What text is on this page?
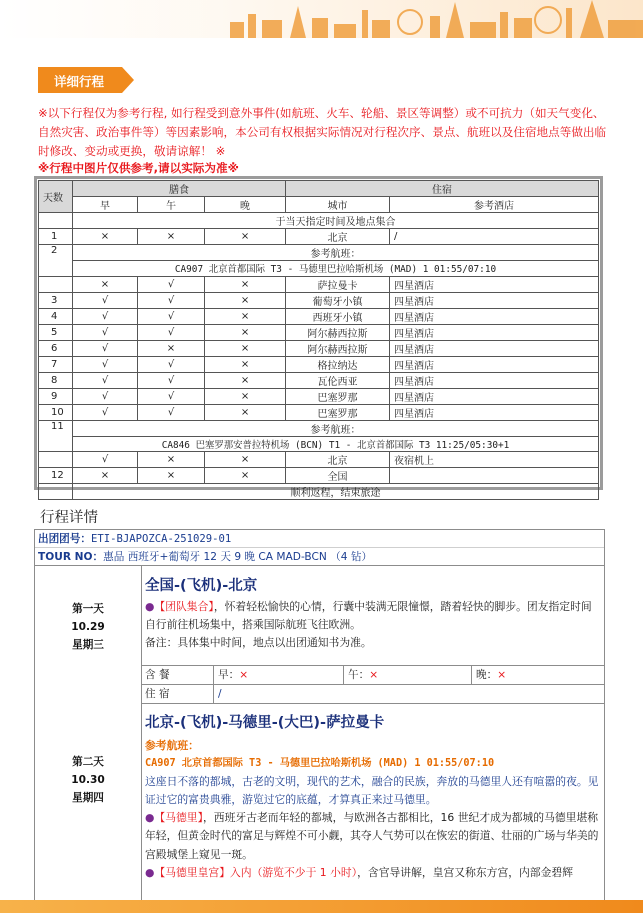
详细行程
※以下行程仅为参考行程, 如行程受到意外事件(如航班、火车、轮船、景区等调整）或不可抗力（如天气变化、自然灾害、政治事件等）等因素影响，本公司有权根据实际情况对行程次序、景点、航班以及住宿地点等做出临时修改、变动或更换，敬请谅解！ ※
※行程中图片仅供参考,请以实际为准※
天数	膳食			住宿	
	早	午	晚	城市	参考酒店
	于当天指定时间及地点集合				
1	×	×	×	北京	/
2	参考航班：				
	CA907 北京首都国际 T3 - 马德里巴拉哈斯机场 (MAD) 1 01:55/07:10				
	×	√	×	萨拉曼卡	四星酒店
3	√	√	×	葡萄牙小镇	四星酒店
4	√	√	×	西班牙小镇	四星酒店
5	√	√	×	阿尔赫西拉斯	四星酒店
6	√	×	×	阿尔赫西拉斯	四星酒店
7	√	√	×	格拉纳达	四星酒店
8	√	√	×	瓦伦西亚	四星酒店
9	√	√	×	巴塞罗那	四星酒店
10	√	√	×	巴塞罗那	四星酒店
11	参考航班：				
	CA846 巴塞罗那安普拉特机场 (BCN) T1 - 北京首都国际 T3 11:25/05:30+1				
	√	×	×	北京	夜宿机上
12	×	×	×	全国	
	顺利返程，结束旅途				
行程详情
出团团号：ETI-BJAPOZCA-251029-01
TOUR NO：惠品 西班牙+葡萄牙 12 天 9 晚 CA MAD-BCN （4 钻）
第一天
10.29
星期三
全国-(飞机)-北京
●【团队集合】，怀着轻松愉快的心情，行囊中装满无限憧憬，踏着轻快的脚步。团友指定时间自行前往机场集中，搭乘国际航班飞往欧洲。
备注：具体集中时间，地点以出团通知书为准。
含 餐	早：×	午：×	晚：×
住 宿	/
第二天
10.30
星期四
北京-(飞机)-马德里-(大巴)-萨拉曼卡
参考航班：
CA907 北京首都国际 T3 - 马德里巴拉哈斯机场 (MAD) 1 01:55/07:10
这座日不落的都城，古老的文明，现代的艺术，融合的民族，奔放的马德里人还有喧嚣的夜。见证过它的富贵典雅，游览过它的底蕴，才算真正来过马德里。
●【马德里】，西班牙古老而年轻的都城，与欧洲各古都相比，16 世纪才成为都城的马德里堪称年轻，但黄金时代的富足与辉煌不可小觑，其夺人气势可以在恢宏的街道、壮丽的广场与华美的宫殿城堡上窥见一斑。
●【马德里皇宫】入内（游览不少于 1 小时），含官导讲解，皇宫又称东方宫，内部金碧辉
